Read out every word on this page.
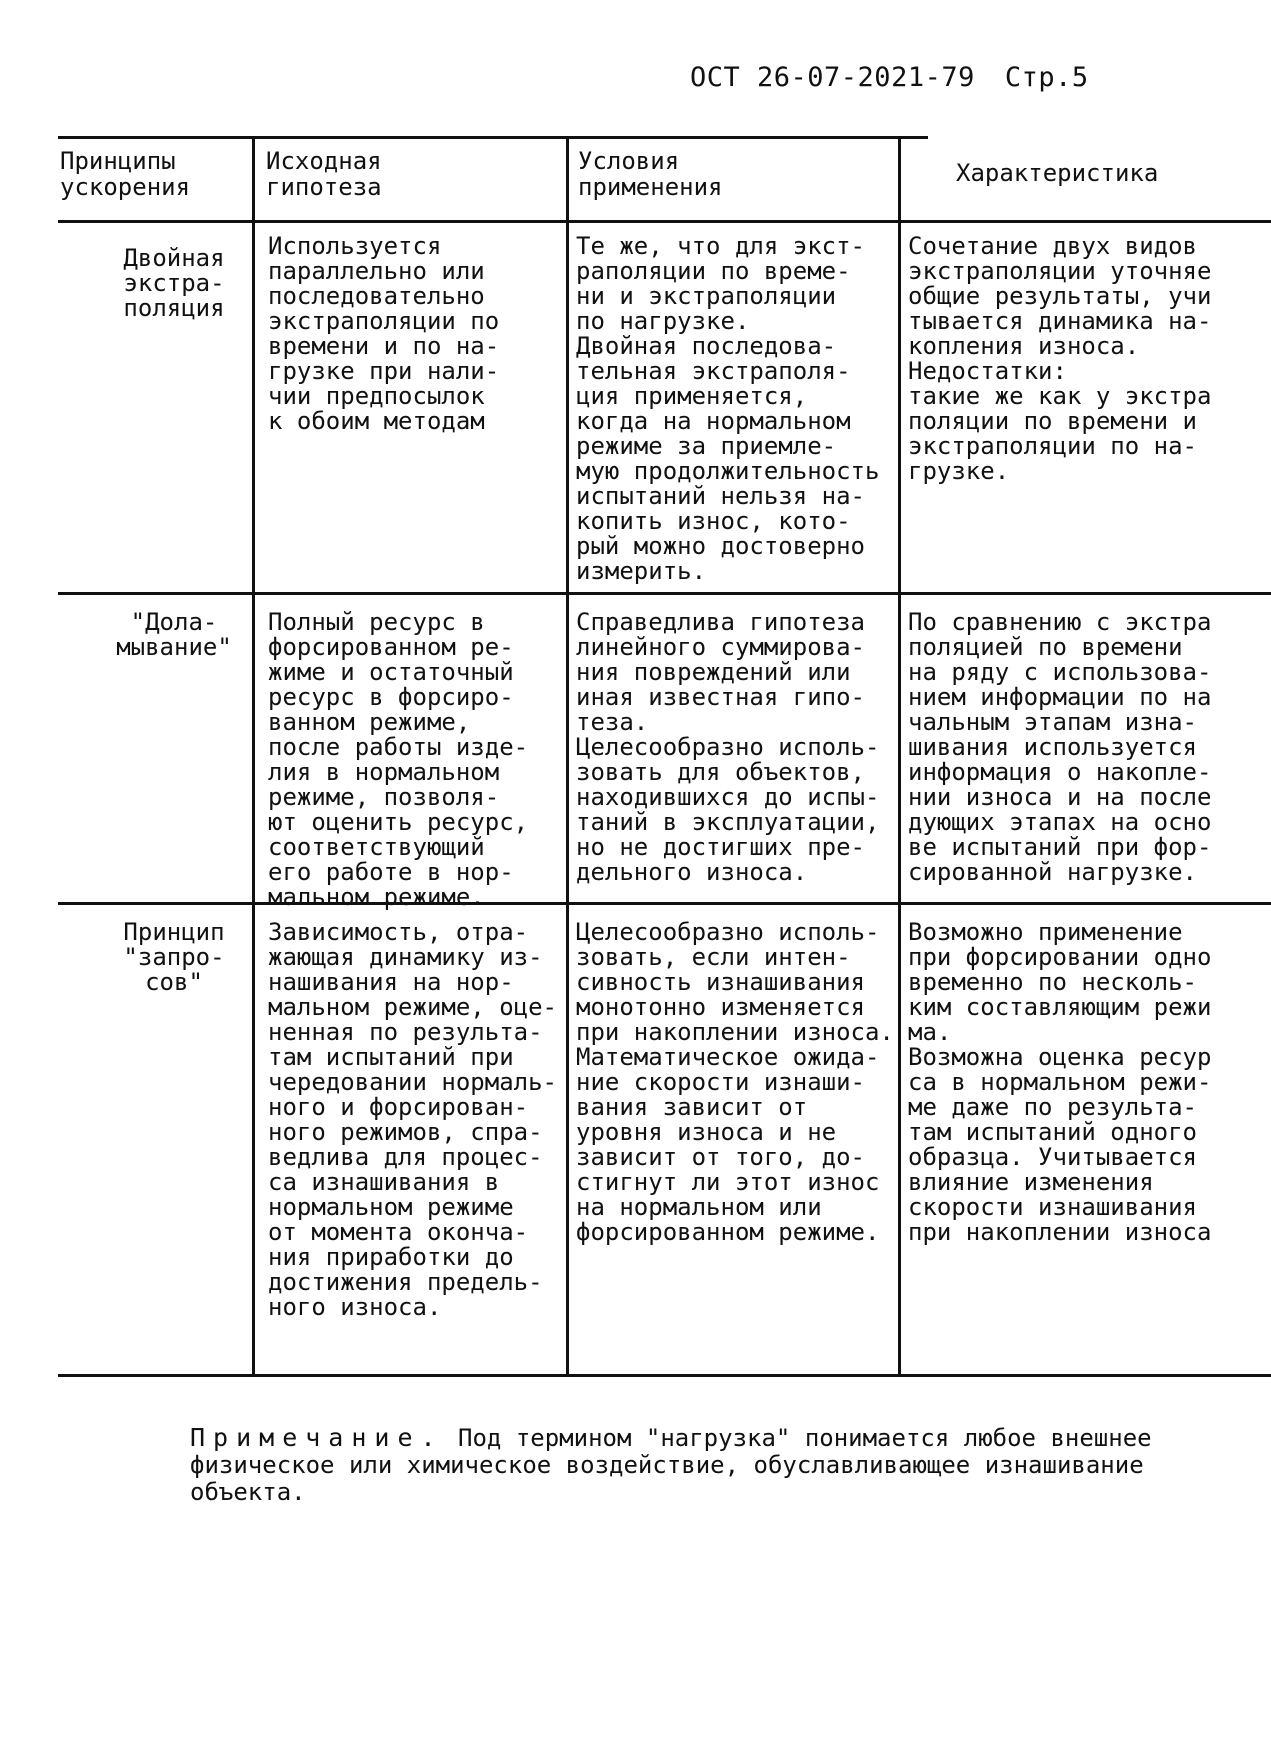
ОСТ 26-07-2021-79 Стр.5
Принципы
ускорения
Исходная
гипотеза
Условия
применения	Характеристика
Двойная
экстра-
поляция
Используется
параллельно или
последовательно
экстраполяции по
времени и по на-
грузке при нали-
чии предпосылок
к обоим методам
Те же, что для экст-
раполяции по време-
ни и экстраполяции
по нагрузке.
Двойная последова-
тельная экстраполя-
ция применяется,
когда на нормальном
режиме за приемле-
мую продолжительность
испытаний нельзя на-
копить износ, кото-
рый можно достоверно
измерить.
Сочетание двух видов
экстраполяции уточняе
общие результаты, учи
тывается динамика на-
копления износа.
Недостатки:
такие же как у экстра
поляции по времени и
экстраполяции по на-
грузке.
"Дола-
мывание"
Полный ресурс в
форсированном ре-
жиме и остаточный
ресурс в форсиро-
ванном режиме,
после работы изде-
лия в нормальном
режиме, позволя-
ют оценить ресурс,
соответствующий
его работе в нор-
мальном режиме.
Справедлива гипотеза
линейного суммирова-
ния повреждений или
иная известная гипо-
теза.
Целесообразно исполь-
зовать для объектов,
находившихся до испы-
таний в эксплуатации,
но не достигших пре-
дельного износа.
По сравнению с экстра
поляцией по времени
на ряду с использова-
нием информации по на
чальным этапам изна-
шивания используется
информация о накопле-
нии износа и на после
дующих этапах на осно
ве испытаний при фор-
сированной нагрузке.
Принцип
"запро-
сов"
Зависимость, отра-
жающая динамику из-
нашивания на нор-
мальном режиме, оце-
ненная по результа-
там испытаний при
чередовании нормаль-
ного и форсирован-
ного режимов, спра-
ведлива для процес-
са изнашивания в
нормальном режиме
от момента оконча-
ния приработки до
достижения предель-
ного износа.
Целесообразно исполь-
зовать, если интен-
сивность изнашивания
монотонно изменяется
при накоплении износа.
Математическое ожида-
ние скорости изнаши-
вания зависит от
уровня износа и не
зависит от того, до-
стигнут ли этот износ
на нормальном или
форсированном режиме.
Возможно применение
при форсировании одно
временно по несколь-
ким составляющим режи
ма.
Возможна оценка ресур
са в нормальном режи-
ме даже по результа-
там испытаний одного
образца. Учитывается
влияние изменения
скорости изнашивания
при накоплении износа
Примечание. Под термином "нагрузка" понимается любое внешнее физическое или химическое воздействие, обуславливающее изнашивание объекта.
